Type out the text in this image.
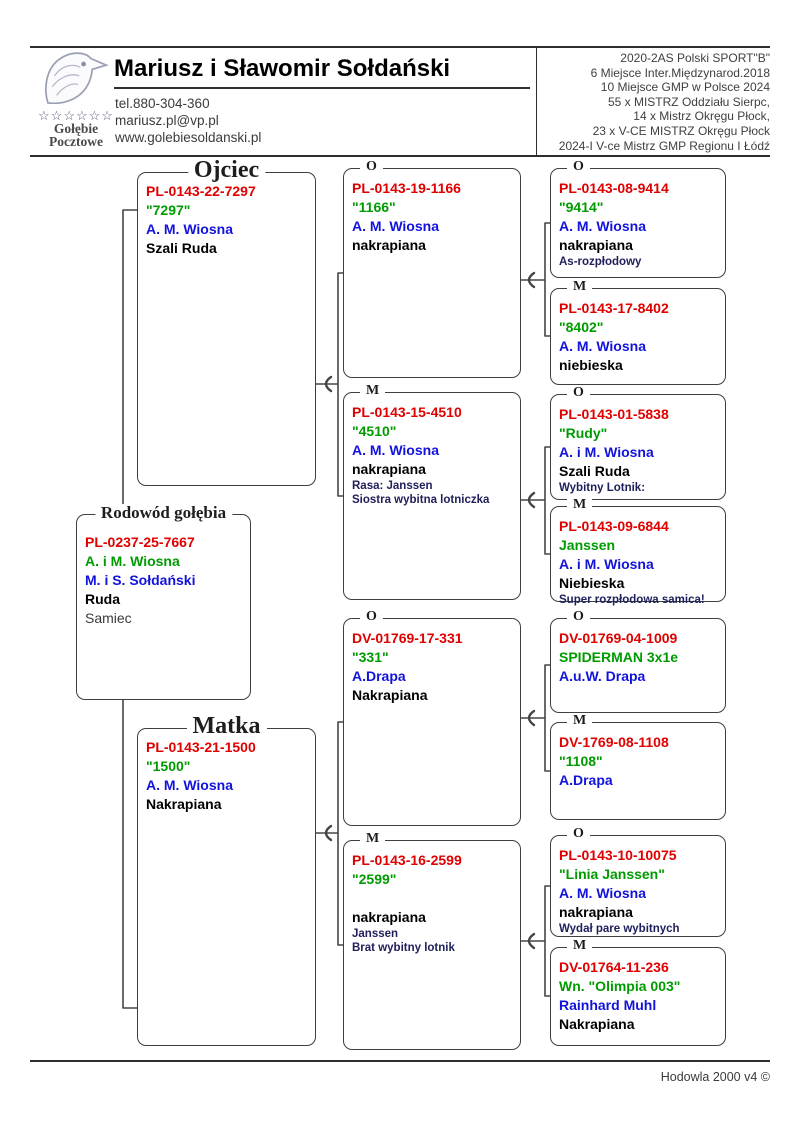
☆☆☆☆☆☆
Gołębie
Pocztowe
Mariusz i Sławomir Sołdański
tel.880-304-360
mariusz.pl@vp.pl
www.golebiesoldanski.pl
2020-2AS Polski SPORT"B"
6 Miejsce Inter.Międzynarod.2018
10 Miejsce GMP w Polsce 2024
55 x MISTRZ Oddziału Sierpc,
14 x Mistrz Okręgu Płock,
23 x V-CE MISTRZ Okręgu Płock
2024-I V-ce Mistrz GMP Regionu I Łódź
Ojciec
PL-0143-22-7297
"7297"
A. M. Wiosna
Szali Ruda
Rodowód gołębia
PL-0237-25-7667
A. i M. Wiosna
M. i S. Sołdański
Ruda
Samiec
Matka
PL-0143-21-1500
"1500"
A. M. Wiosna
Nakrapiana
O
PL-0143-19-1166
"1166"
A. M. Wiosna
nakrapiana
M
PL-0143-15-4510
"4510"
A. M. Wiosna
nakrapiana
Rasa: Janssen
Siostra wybitna lotniczka
O
DV-01769-17-331
"331"
A.Drapa
Nakrapiana
M
PL-0143-16-2599
"2599"
nakrapiana
Janssen
Brat wybitny lotnik
O
PL-0143-08-9414
"9414"
A. M. Wiosna
nakrapiana
As-rozpłodowy
M
PL-0143-17-8402
"8402"
A. M. Wiosna
niebieska
O
PL-0143-01-5838
"Rudy"
A. i M. Wiosna
Szali Ruda
Wybitny Lotnik:
M
PL-0143-09-6844
Janssen
A. i M. Wiosna
Niebieska
Super rozpłodowa samica!
O
DV-01769-04-1009
SPIDERMAN 3x1e
A.u.W. Drapa
M
DV-1769-08-1108
"1108"
A.Drapa
O
PL-0143-10-10075
"Linia Janssen"
A. M. Wiosna
nakrapiana
Wydał pare wybitnych
M
DV-01764-11-236
Wn. "Olimpia 003"
Rainhard Muhl
Nakrapiana
Hodowla 2000 v4 ©
